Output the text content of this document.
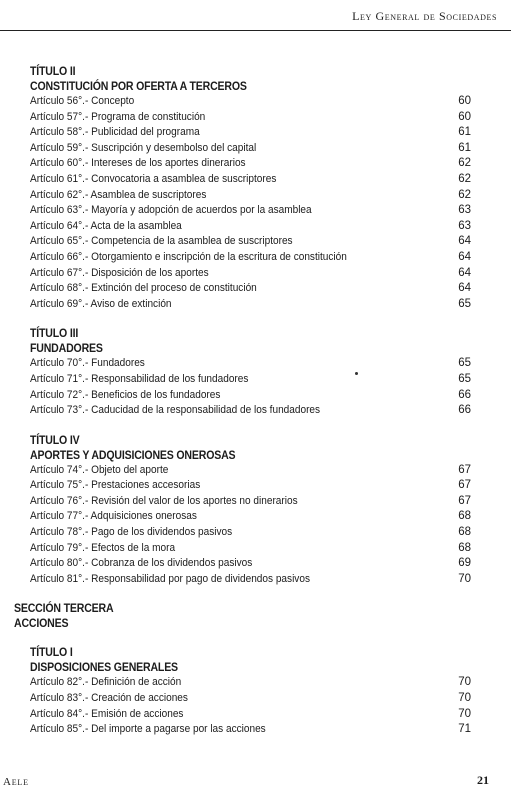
Ley General de Sociedades
TÍTULO II
CONSTITUCIÓN POR OFERTA A TERCEROS
Artículo 56°.- Concepto	60
Artículo 57°.- Programa de constitución	60
Artículo 58°.- Publicidad del programa	61
Artículo 59°.- Suscripción y desembolso del capital	61
Artículo 60°.- Intereses de los aportes dinerarios	62
Artículo 61°.- Convocatoria a asamblea de suscriptores	62
Artículo 62°.- Asamblea de suscriptores	62
Artículo 63°.- Mayoría y adopción de acuerdos por la asamblea	63
Artículo 64°.- Acta de la asamblea	63
Artículo 65°.- Competencia de la asamblea de suscriptores	64
Artículo 66°.- Otorgamiento e inscripción de la escritura de constitución	64
Artículo 67°.- Disposición de los aportes	64
Artículo 68°.- Extinción del proceso de constitución	64
Artículo 69°.- Aviso de extinción	65
TÍTULO III
FUNDADORES
Artículo 70°.- Fundadores	65
Artículo 71°.- Responsabilidad de los fundadores	65
Artículo 72°.- Beneficios de los fundadores	66
Artículo 73°.- Caducidad de la responsabilidad de los fundadores	66
TÍTULO IV
APORTES Y ADQUISICIONES ONEROSAS
Artículo 74°.- Objeto del aporte	67
Artículo 75°.- Prestaciones accesorias	67
Artículo 76°.- Revisión del valor de los aportes no dinerarios	67
Artículo 77°.- Adquisiciones onerosas	68
Artículo 78°.- Pago de los dividendos pasivos	68
Artículo 79°.- Efectos de la mora	68
Artículo 80°.- Cobranza de los dividendos pasivos	69
Artículo 81°.- Responsabilidad por pago de dividendos pasivos	70
SECCIÓN TERCERA
ACCIONES
TÍTULO I
DISPOSICIONES GENERALES
Artículo 82°.- Definición de acción	70
Artículo 83°.- Creación de acciones	70
Artículo 84°.- Emisión de acciones	70
Artículo 85°.- Del importe a pagarse por las acciones	71
Aele	21
